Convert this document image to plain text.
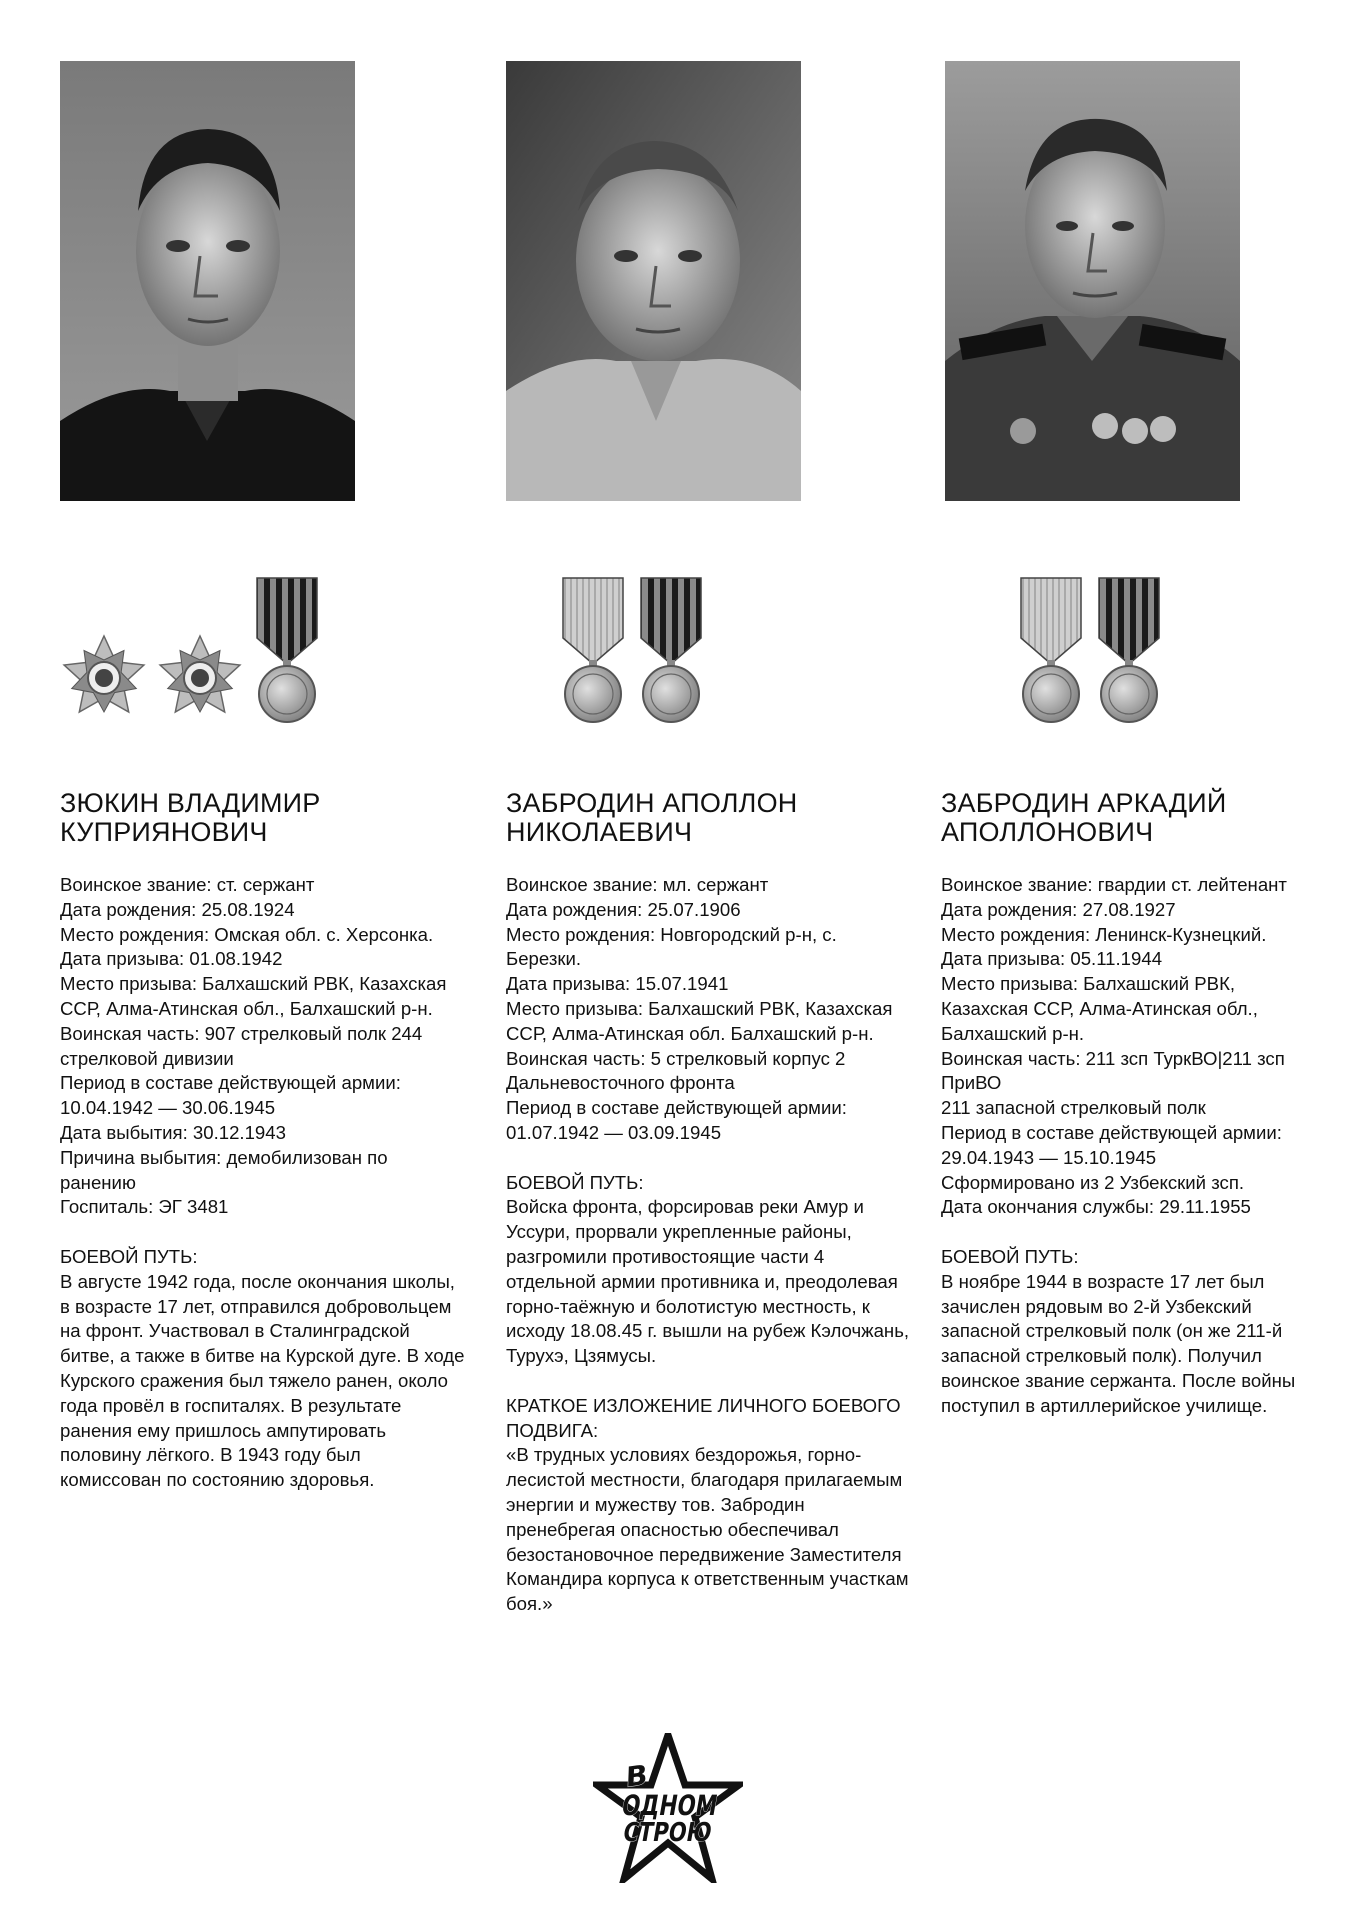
ЗЮКИН ВЛАДИМИР
КУПРИЯНОВИЧ

Воинское звание: ст. сержант

Дата рождения: 25.08.1924

Место рождения: Омская обл. с. Херсонка.

Дата призыва: 01.08.1942

Место призыва: Балхашский РВК, Казахская ССР, Алма-Атинская обл., Балхашский р-н.

Воинская часть: 907 стрелковый полк 244 стрелковой дивизии

Период в составе действующей армии: 10.04.1942 — 30.06.1945

Дата выбытия: 30.12.1943

Причина выбытия: демобилизован по ранению

Госпиталь: ЭГ 3481

БОЕВОЙ ПУТЬ:

В августе 1942 года, после окончания школы, в возрасте 17 лет, отправился добровольцем на фронт. Участвовал в Сталинградской битве, а также в битве на Курской дуге. В ходе Курского сражения был тяжело ранен, около года провёл в госпиталях. В результате ранения ему пришлось ампутировать половину лёгкого. В 1943 году был комиссован по состоянию здоровья.

ЗАБРОДИН АПОЛЛОН
НИКОЛАЕВИЧ

Воинское звание: мл. сержант

Дата рождения: 25.07.1906

Место рождения: Новгородский р-н, с. Березки.

Дата призыва: 15.07.1941

Место призыва: Балхашский РВК, Казахская ССР, Алма-Атинская обл. Балхашский р-н.

Воинская часть: 5 стрелковый корпус 2 Дальневосточного фронта

Период в составе действующей армии: 01.07.1942 — 03.09.1945

БОЕВОЙ ПУТЬ:

Войска фронта, форсировав реки Амур и Уссури, прорвали укрепленные районы, разгромили противостоящие части 4 отдельной армии противника и, преодолевая горно-таёжную и болотистую местность, к исходу 18.08.45 г. вышли на рубеж Кэлочжань, Турухэ, Цзямусы.

КРАТКОЕ ИЗЛОЖЕНИЕ ЛИЧНОГО БОЕВОГО ПОДВИГА:

«В трудных условиях бездорожья, горно-лесистой местности, благодаря прилагаемым энергии и мужеству тов. Забродин пренебрегая опасностью обеспечивал безостановочное передвижение Заместителя Командира корпуса к ответственным участкам боя.»

ЗАБРОДИН АРКАДИЙ
АПОЛЛОНОВИЧ

Воинское звание: гвардии ст. лейтенант

Дата рождения: 27.08.1927

Место рождения: Ленинск-Кузнецкий.

Дата призыва: 05.11.1944

Место призыва: Балхашский РВК, Казахская ССР, Алма-Атинская обл., Балхашский р-н.

Воинская часть: 211 зсп ТуркВО|211 зсп ПриВО

211 запасной стрелковый полк

Период в составе действующей армии: 29.04.1943 — 15.10.1945

Сформировано из 2 Узбекский зсп.

Дата окончания службы: 29.11.1955

БОЕВОЙ ПУТЬ:

В ноябре 1944 в возрасте 17 лет был зачислен рядовым во 2-й Узбекский запасной стрелковый полк (он же 211-й запасной стрелковый полк). Получил воинское звание сержанта. После войны поступил в артиллерийское училище.

В
ОДНОМ
СТРОЮ
